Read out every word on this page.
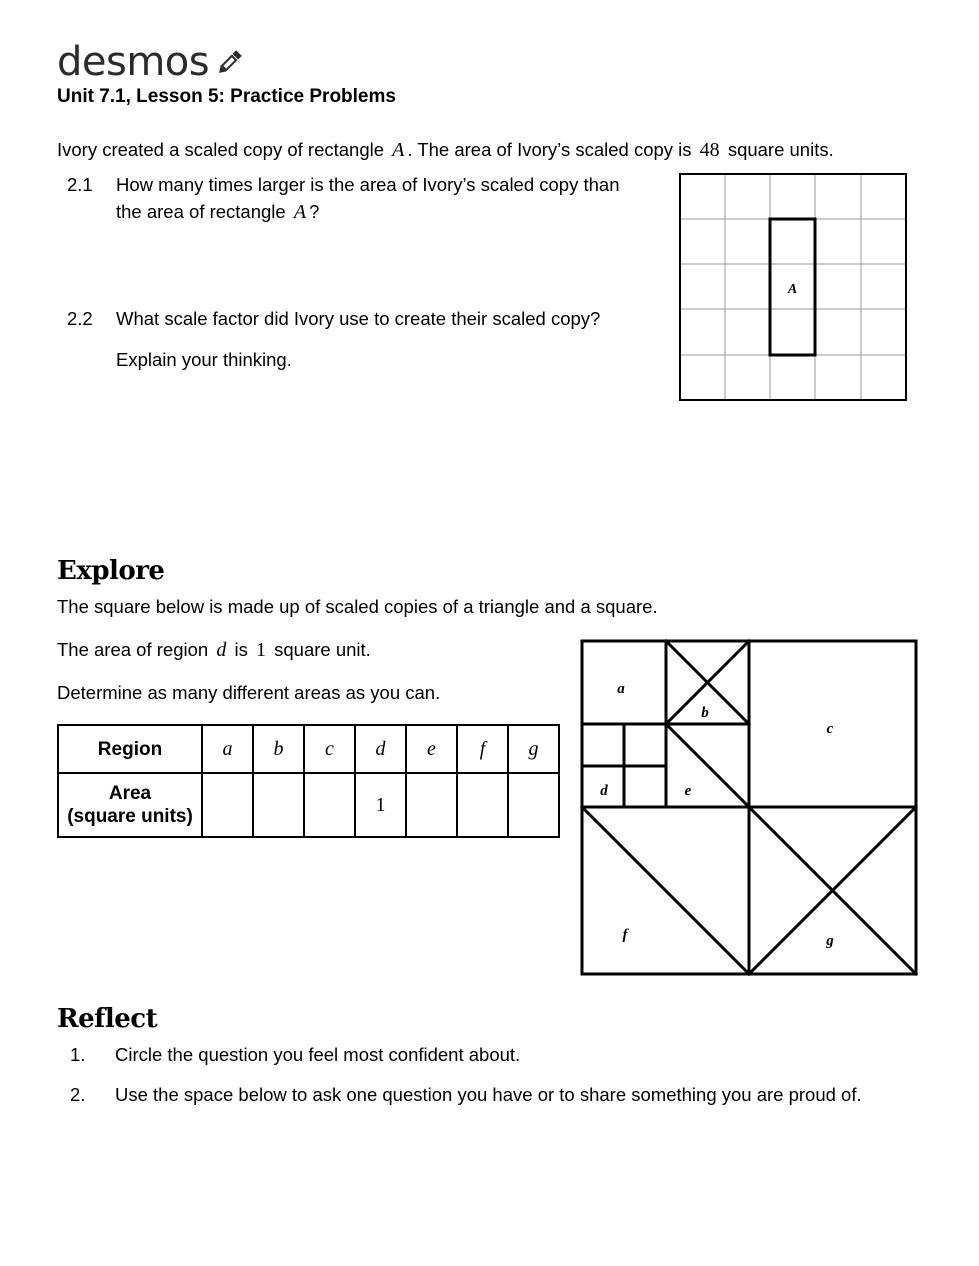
desmos
Unit 7.1, Lesson 5: Practice Problems
Ivory created a scaled copy of rectangle A . The area of Ivory’s scaled copy is 48 square units.
2.1 How many times larger is the area of Ivory’s scaled copy than
the area of rectangle A ?
2.2 What scale factor did Ivory use to create their scaled copy?
Explain your thinking.
A
Explore
The square below is made up of scaled copies of a triangle and a square.
The area of region d is 1 square unit.
Determine as many different areas as you can.
Region	a	b	c	d	e	f	g

Area
(square units)				1			
a
b
c
d	e
f	g
Reflect
1. Circle the question you feel most confident about.
2. Use the space below to ask one question you have or to share something you are proud of.
